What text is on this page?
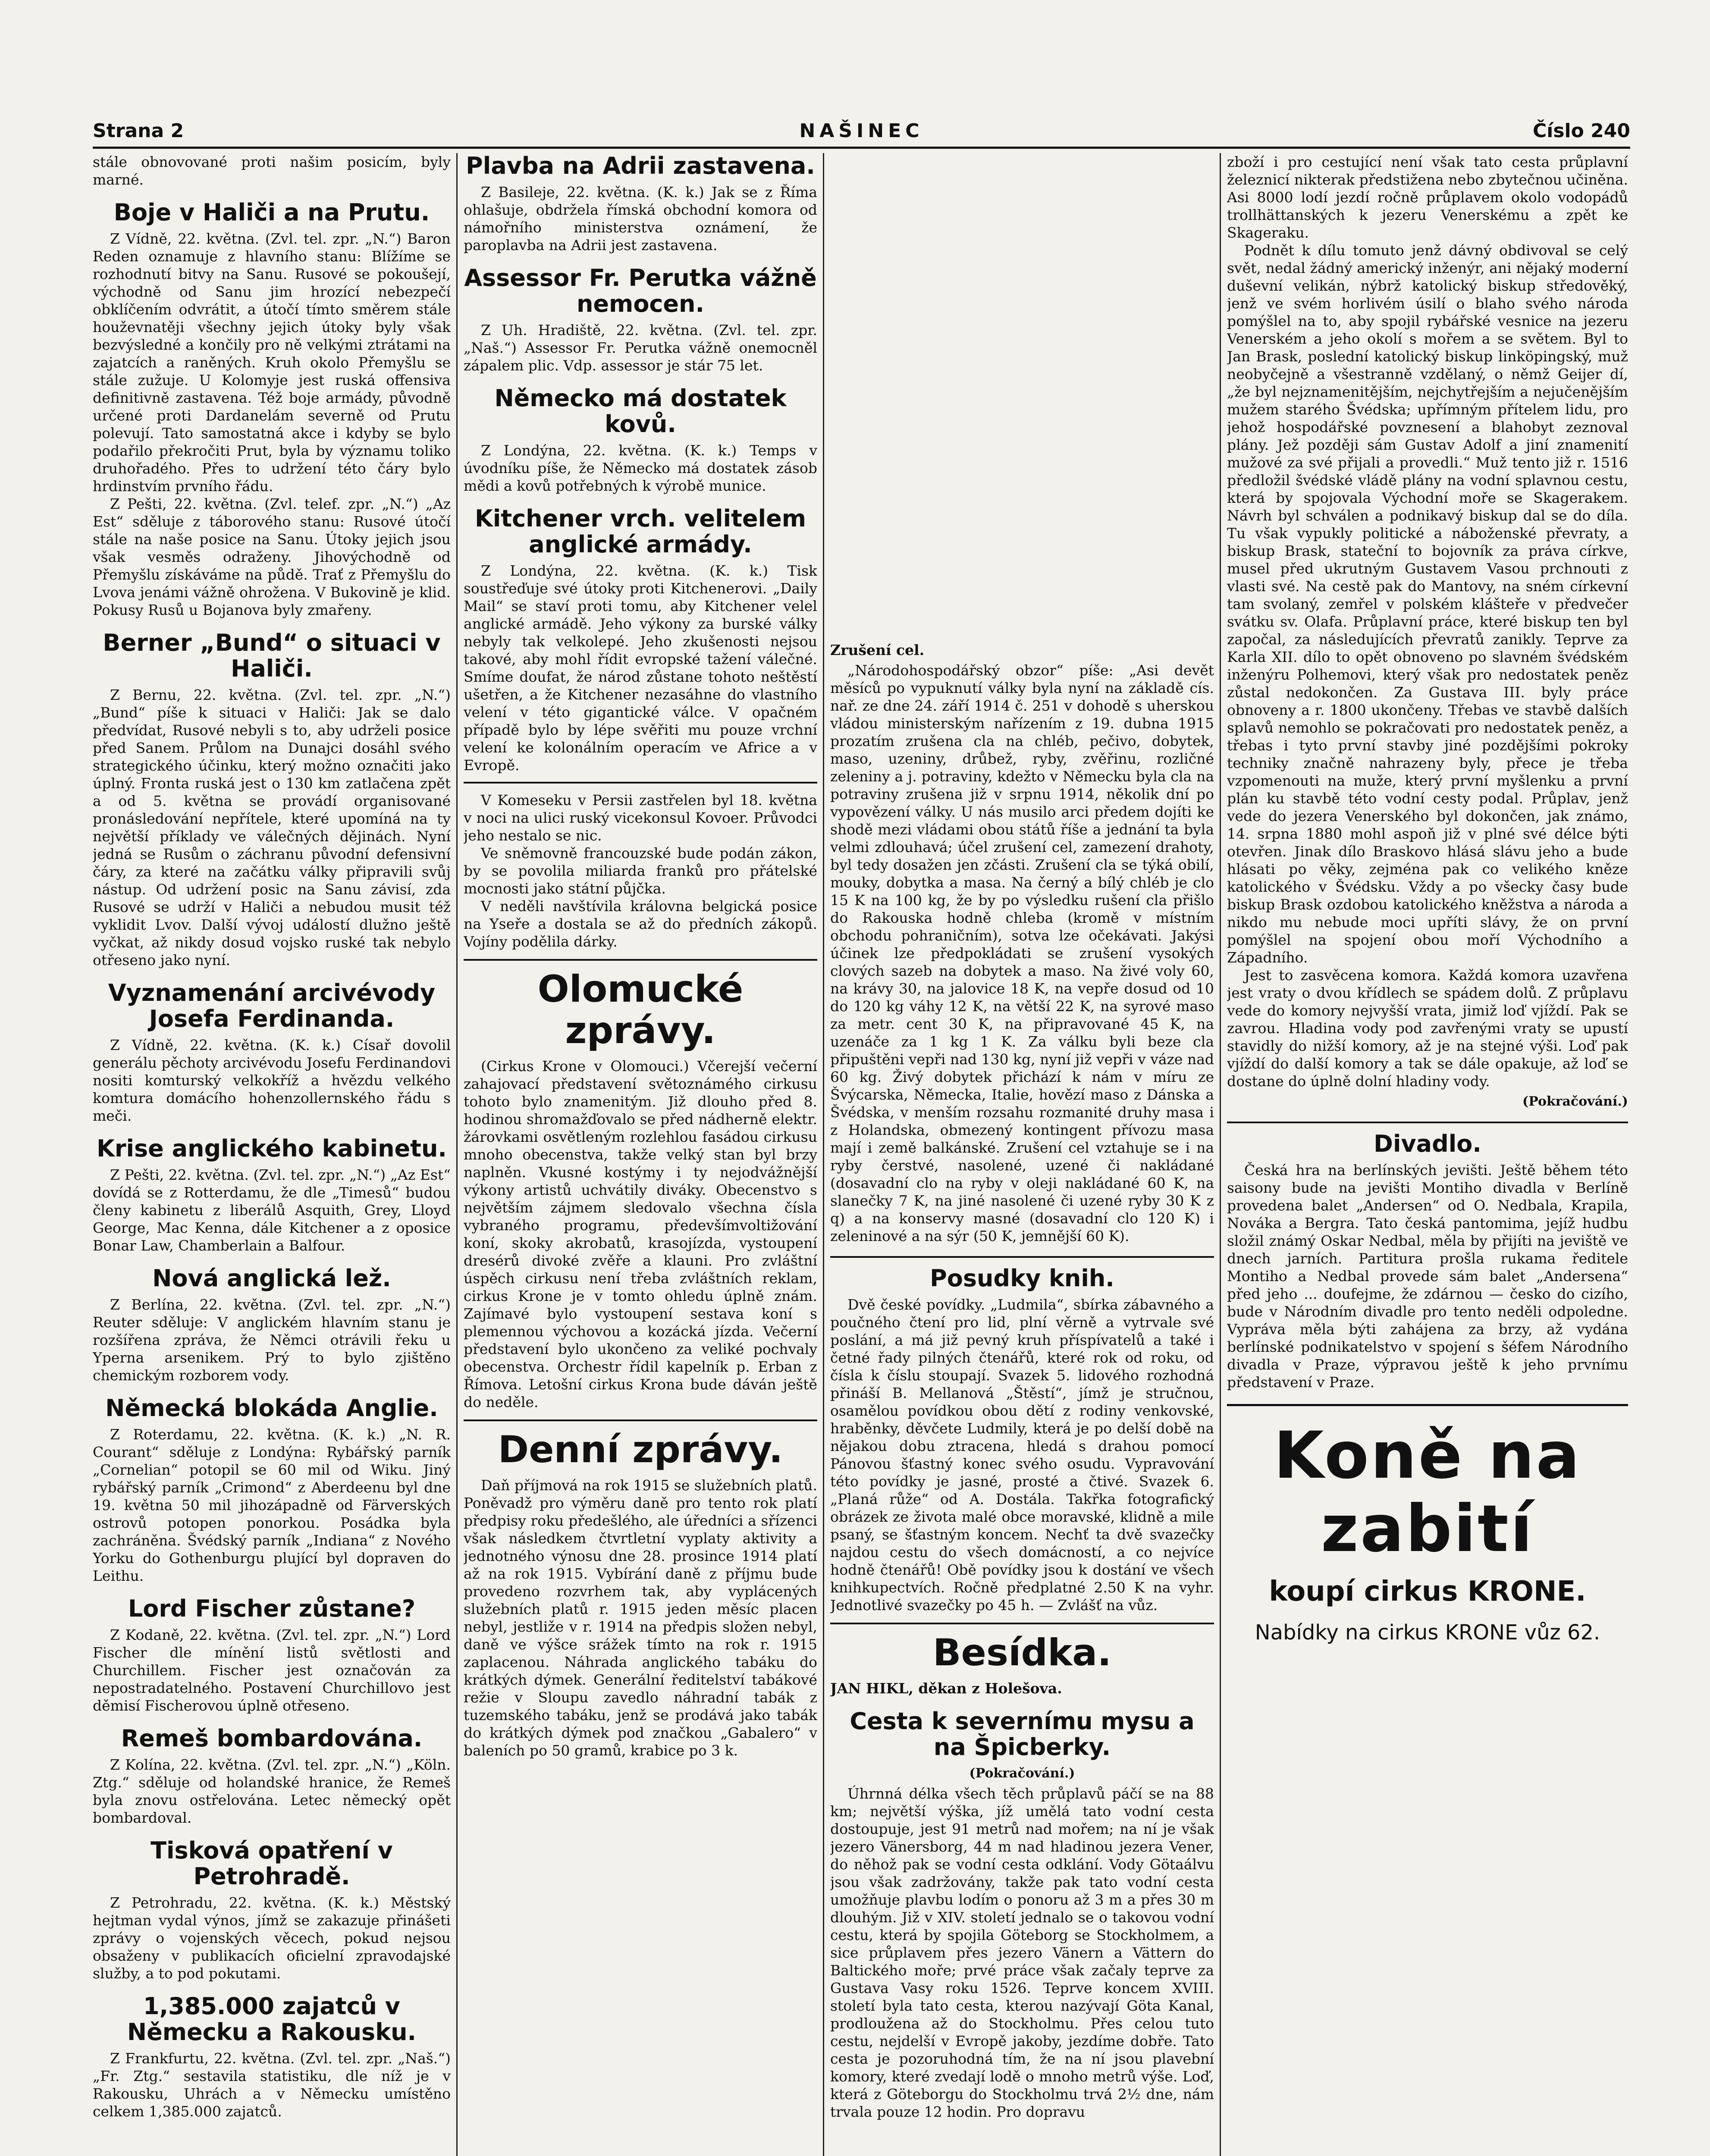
Strana 2	NAŠINEC	Číslo 240

stále obnovované proti našim posicím, byly marné.

Boje v Haliči a na Prutu.

Z Vídně, 22. května. (Zvl. tel. zpr. „N.“) Baron Reden oznamuje z hlavního stanu: Blížíme se rozhodnutí bitvy na Sanu. Rusové se pokoušejí, východně od Sanu jim hrozící nebezpečí obklíčením odvrátit, a útočí tímto směrem stále houževnatěji všechny jejich útoky byly však bezvýsledné a končily pro ně velkými ztrátami na zajatcích a raněných. Kruh okolo Přemyšlu se stále zužuje. U Kolomyje jest ruská offensiva definitivně zastavena. Též boje armády, původně určené proti Dardanelám severně od Prutu polevují. Tato samostatná akce i kdyby se bylo podařilo překročiti Prut, byla by významu toliko druhořadého. Přes to udržení této čáry bylo hrdinstvím prvního řádu.

Z Pešti, 22. května. (Zvl. telef. zpr. „N.“) „Az Est“ sděluje z táborového stanu: Rusové útočí stále na naše posice na Sanu. Útoky jejich jsou však vesměs odraženy. Jihovýchodně od Přemyšlu získáváme na půdě. Trať z Přemyšlu do Lvova jenámi vážně ohrožena. V Bukovině je klid. Pokusy Rusů u Bojanova byly zmařeny.

Berner „Bund“ o situaci v Haliči.

Z Bernu, 22. května. (Zvl. tel. zpr. „N.“) „Bund“ píše k situaci v Haliči: Jak se dalo předvídat, Rusové nebyli s to, aby udrželi posice před Sanem. Průlom na Dunajci dosáhl svého strategického účinku, který možno označiti jako úplný. Fronta ruská jest o 130 km zatlačena zpět a od 5. května se provádí organisované pronásledování nepřítele, které upomíná na ty největší příklady ve válečných dějinách. Nyní jedná se Rusům o záchranu původní defensivní čáry, za které na začátku války připravili svůj nástup. Od udržení posic na Sanu závisí, zda Rusové se udrží v Haliči a nebudou musit též vyklidit Lvov. Další vývoj událostí dlužno ještě vyčkat, až nikdy dosud vojsko ruské tak nebylo otřeseno jako nyní.

Vyznamenání arcivévody Josefa Ferdinanda.

Z Vídně, 22. května. (K. k.) Císař dovolil generálu pěchoty arcivévodu Josefu Ferdinandovi nositi komturský velkokříž a hvězdu velkého komtura domácího hohenzollernského řádu s meči.

Krise anglického kabinetu.

Z Pešti, 22. května. (Zvl. tel. zpr. „N.“) „Az Est“ dovídá se z Rotterdamu, že dle „Timesů“ budou členy kabinetu z liberálů Asquith, Grey, Lloyd George, Mac Kenna, dále Kitchener a z oposice Bonar Law, Chamberlain a Balfour.

Nová anglická lež.

Z Berlína, 22. května. (Zvl. tel. zpr. „N.“) Reuter sděluje: V anglickém hlavním stanu je rozšířena zpráva, že Němci otrávili řeku u Yperna arsenikem. Prý to bylo zjištěno chemickým rozborem vody.

Německá blokáda Anglie.

Z Roterdamu, 22. května. (K. k.) „N. R. Courant“ sděluje z Londýna: Rybářský parník „Cornelian“ potopil se 60 mil od Wiku. Jiný rybářský parník „Crimond“ z Aberdeenu byl dne 19. května 50 mil jihozápadně od Färverských ostrovů potopen ponorkou. Posádka byla zachráněna. Švédský parník „Indiana“ z Nového Yorku do Gothenburgu plující byl dopraven do Leithu.

Lord Fischer zůstane?

Z Kodaně, 22. května. (Zvl. tel. zpr. „N.“) Lord Fischer dle mínění listů světlosti and Churchillem. Fischer jest označován za nepostradatelného. Postavení Churchillovo jest děmisí Fischerovou úplně otřeseno.

Remeš bombardována.

Z Kolína, 22. května. (Zvl. tel. zpr. „N.“) „Köln. Ztg.“ sděluje od holandské hranice, že Remeš byla znovu ostřelována. Letec německý opět bombardoval.

Tisková opatření v Petrohradě.

Z Petrohradu, 22. května. (K. k.) Městský hejtman vydal výnos, jímž se zakazuje přinášeti zprávy o vojenských věcech, pokud nejsou obsaženy v publikacích oficielní zpravodajské služby, a to pod pokutami.

1,385.000 zajatců v Německu a Rakousku.

Z Frankfurtu, 22. května. (Zvl. tel. zpr. „Naš.“) „Fr. Ztg.“ sestavila statistiku, dle níž je v Rakousku, Uhrách a v Německu umístěno celkem 1,385.000 zajatců.

Plavba na Adrii zastavena.

Z Basileje, 22. května. (K. k.) Jak se z Říma ohlašuje, obdržela římská obchodní komora od námořního ministerstva oznámení, že paroplavba na Adrii jest zastavena.

Assessor Fr. Perutka vážně nemocen.

Z Uh. Hradiště, 22. května. (Zvl. tel. zpr. „Naš.“) Assessor Fr. Perutka vážně onemocněl zápalem plic. Vdp. assessor je stár 75 let.

Německo má dostatek kovů.

Z Londýna, 22. května. (K. k.) Temps v úvodníku píše, že Německo má dostatek zásob mědi a kovů potřebných k výrobě munice.

Kitchener vrch. velitelem anglické armády.

Z Londýna, 22. května. (K. k.) Tisk soustřeďuje své útoky proti Kitchenerovi. „Daily Mail“ se staví proti tomu, aby Kitchener velel anglické armádě. Jeho výkony za burské války nebyly tak velkolepé. Jeho zkušenosti nejsou takové, aby mohl řídit evropské tažení válečné. Smíme doufat, že národ zůstane tohoto neštěstí ušetřen, a že Kitchener nezasáhne do vlastního velení v této gigantické válce. V opačném případě bylo by lépe svěřiti mu pouze vrchní velení ke kolonálním operacím ve Africe a v Evropě.

V Komeseku v Persii zastřelen byl 18. května v noci na ulici ruský vicekonsul Kovoer. Průvodci jeho nestalo se nic.

Ve sněmovně francouzské bude podán zákon, by se povolila miliarda franků pro přátelské mocnosti jako státní půjčka.

V neděli navštívila královna belgická posice na Yseře a dostala se až do předních zákopů. Vojíny podělila dárky.

Olomucké zprávy.

(Cirkus Krone v Olomouci.) Včerejší večerní zahajovací představení světoznámého cirkusu tohoto bylo znamenitým. Již dlouho před 8. hodinou shromažďovalo se před nádherně elektr. žárovkami osvětleným rozlehlou fasádou cirkusu mnoho obecenstva, takže velký stan byl brzy naplněn. Vkusné kostýmy i ty nejodvážnější výkony artistů uchvátily diváky. Obecenstvo s největším zájmem sledovalo všechna čísla vybraného programu, předevšímvoltižování koní, skoky akrobatů, krasojízda, vystoupení dresérů divoké zvěře a klauni. Pro zvláštní úspěch cirkusu není třeba zvláštních reklam, cirkus Krone je v tomto ohledu úplně znám. Zajímavé bylo vystoupení sestava koní s plemennou výchovou a kozácká jízda. Večerní představení bylo ukončeno za veliké pochvaly obecenstva. Orchestr řídil kapelník p. Erban z Římova. Letošní cirkus Krona bude dáván ještě do neděle.

Denní zprávy.

Daň příjmová na rok 1915 se služebních platů. Poněvadž pro výměru daně pro tento rok platí předpisy roku předešlého, ale úředníci a sřízenci však následkem čtvrtletní vyplaty aktivity a jednotného výnosu dne 28. prosince 1914 platí až na rok 1915. Vybírání daně z příjmu bude provedeno rozvrhem tak, aby vyplácených služebních platů r. 1915 jeden měsíc placen nebyl, jestliže v r. 1914 na předpis složen nebyl, daně ve výšce srážek tímto na rok r. 1915 zaplacenou. Náhrada anglického tabáku do krátkých dýmek. Generální ředitelství tabákové režie v Sloupu zavedlo náhradní tabák z tuzemského tabáku, jenž se prodává jako tabák do krátkých dýmek pod značkou „Gabalero“ v baleních po 50 gramů, krabice po 3 k.

Zrušení cel.

„Národohospodářský obzor“ píše: „Asi devět měsíců po vypuknutí války byla nyní na základě cís. nař. ze dne 24. září 1914 č. 251 v dohodě s uherskou vládou ministerským nařízením z 19. dubna 1915 prozatím zrušena cla na chléb, pečivo, dobytek, maso, uzeniny, drůbež, ryby, zvěřinu, rozličné zeleniny a j. potraviny, kdežto v Německu byla cla na potraviny zrušena již v srpnu 1914, několik dní po vypovězení války. U nás musilo arci předem dojíti ke shodě mezi vládami obou států říše a jednání ta byla velmi zdlouhavá; účel zrušení cel, zamezení drahoty, byl tedy dosažen jen zčásti. Zrušení cla se týká obilí, mouky, dobytka a masa. Na černý a bílý chléb je clo 15 K na 100 kg, že by po výsledku rušení cla přišlo do Rakouska hodně chleba (kromě v místním obchodu pohraničním), sotva lze očekávati. Jakýsi účinek lze předpokládati se zrušení vysokých clových sazeb na dobytek a maso. Na živé voly 60, na krávy 30, na jalovice 18 K, na vepře dosud od 10 do 120 kg váhy 12 K, na větší 22 K, na syrové maso za metr. cent 30 K, na připravované 45 K, na uzenáče za 1 kg 1 K. Za válku byli beze cla připuštěni vepři nad 130 kg, nyní již vepři v váze nad 60 kg. Živý dobytek přichází k nám v míru ze Švýcarska, Německa, Italie, hovězí maso z Dánska a Švédska, v menším rozsahu rozmanité druhy masa i z Holandska, obmezený kontingent přívozu masa mají i země balkánské. Zrušení cel vztahuje se i na ryby čerstvé, nasolené, uzené či nakládané (dosavadní clo na ryby v oleji nakládané 60 K, na slanečky 7 K, na jiné nasolené či uzené ryby 30 K z q) a na konservy masné (dosavadní clo 120 K) i zeleninové a na sýr (50 K, jemnější 60 K).

Posudky knih.

Dvě české povídky. „Ludmila“, sbírka zábavného a poučného čtení pro lid, plní věrně a vytrvale své poslání, a má již pevný kruh příspívatelů a také i četné řady pilných čtenářů, které rok od roku, od čísla k číslu stoupají. Svazek 5. lidového rozhodná přináší B. Mellanová „Štěstí“, jímž je stručnou, osamělou povídkou obou dětí z rodiny venkovské, hraběnky, děvčete Ludmily, která je po delší době na nějakou dobu ztracena, hledá s drahou pomocí Pánovou šťastný konec svého osudu. Vypravování této povídky je jasné, prosté a čtivé. Svazek 6. „Planá růže“ od A. Dostála. Takřka fotografický obrázek ze života malé obce moravské, klidně a mile psaný, se šťastným koncem. Nechť ta dvě svazečky najdou cestu do všech domácností, a co nejvíce hodně čtenářů! Obě povídky jsou k dostání ve všech knihkupectvích. Ročně předplatné 2.50 K na vyhr. Jednotlivé svazečky po 45 h. — Zvlášť na vůz.

Besídka.

JAN HIKL, děkan z Holešova.

Cesta k severnímu mysu a na Špicberky.
(Pokračování.)

Úhrnná délka všech těch průplavů páčí se na 88 km; největší výška, jíž umělá tato vodní cesta dostoupuje, jest 91 metrů nad mořem; na ní je však jezero Vänersborg, 44 m nad hladinou jezera Vener, do něhož pak se vodní cesta odklání. Vody Götaálvu jsou však zadržovány, takže pak tato vodní cesta umožňuje plavbu lodím o ponoru až 3 m a přes 30 m dlouhým. Již v XIV. století jednalo se o takovou vodní cestu, která by spojila Göteborg se Stockholmem, a sice průplavem přes jezero Vänern a Vättern do Baltického moře; prvé práce však začaly teprve za Gustava Vasy roku 1526. Teprve koncem XVIII. století byla tato cesta, kterou nazývají Göta Kanal, prodloužena až do Stockholmu. Přes celou tuto cestu, nejdelší v Evropě jakoby, jezdíme dobře. Tato cesta je pozoruhodná tím, že na ní jsou plavební komory, které zvedají lodě o mnoho metrů výše. Loď, která z Göteborgu do Stockholmu trvá 2½ dne, nám trvala pouze 12 hodin. Pro dopravu

zboží i pro cestující není však tato cesta průplavní železnicí nikterak předstižena nebo zbytečnou učiněna. Asi 8000 lodí jezdí ročně průplavem okolo vodopádů trollhättanských k jezeru Venerskému a zpět ke Skageraku.

Podnět k dílu tomuto jenž dávný obdivoval se celý svět, nedal žádný americký inženýr, ani nějaký moderní duševní velikán, nýbrž katolický biskup středověký, jenž ve svém horlivém úsilí o blaho svého národa pomýšlel na to, aby spojil rybářské vesnice na jezeru Venerském a jeho okolí s mořem a se světem. Byl to Jan Brask, poslední katolický biskup linköpingský, muž neobyčejně a všestranně vzdělaný, o němž Geijer dí, „že byl nejznamenitějším, nejchytřejším a nejučenějším mužem starého Švédska; upřímným přítelem lidu, pro jehož hospodářské povznesení a blahobyt zeznoval plány. Jež později sám Gustav Adolf a jiní znamenití mužové za své přijali a provedli.“ Muž tento již r. 1516 předložil švédské vládě plány na vodní splavnou cestu, která by spojovala Východní moře se Skagerakem. Návrh byl schválen a podnikavý biskup dal se do díla. Tu však vypukly politické a náboženské převraty, a biskup Brask, stateční to bojovník za práva církve, musel před ukrutným Gustavem Vasou prchnouti z vlasti své. Na cestě pak do Mantovy, na sném církevní tam svolaný, zemřel v polském klášteře v předvečer svátku sv. Olafa. Průplavní práce, které biskup ten byl započal, za následujících převratů zanikly. Teprve za Karla XII. dílo to opět obnoveno po slavném švédském inženýru Polhemovi, který však pro nedostatek peněz zůstal nedokončen. Za Gustava III. byly práce obnoveny a r. 1800 ukončeny. Třebas ve stavbě dalších splavů nemohlo se pokračovati pro nedostatek peněz, a třebas i tyto první stavby jiné pozdějšími pokroky techniky značně nahrazeny byly, přece je třeba vzpomenouti na muže, který první myšlenku a první plán ku stavbě této vodní cesty podal. Průplav, jenž vede do jezera Venerského byl dokončen, jak známo, 14. srpna 1880 mohl aspoň již v plné své délce býti otevřen. Jinak dílo Braskovo hlásá slávu jeho a bude hlásati po věky, zejména pak co velikého kněze katolického v Švédsku. Vždy a po všecky časy bude biskup Brask ozdobou katolického kněžstva a národa a nikdo mu nebude moci upříti slávy, že on první pomýšlel na spojení obou moří Východního a Západního.

Jest to zasvěcena komora. Každá komora uzavřena jest vraty o dvou křídlech se spádem dolů. Z průplavu vede do komory nejvyšší vrata, jimiž loď vjíždí. Pak se zavrou. Hladina vody pod zavřenými vraty se upustí stavidly do nižší komory, až je na stejné výši. Loď pak vjíždí do další komory a tak se dále opakuje, až loď se dostane do úplně dolní hladiny vody.

(Pokračování.)
Divadlo.

Česká hra na berlínských jevišti. Ještě během této saisony bude na jevišti Montiho divadla v Berlíně provedena balet „Andersen“ od O. Nedbala, Krapila, Nováka a Bergra. Tato česká pantomima, jejíž hudbu složil známý Oskar Nedbal, měla by přijíti na jeviště ve dnech jarních. Partitura prošla rukama ředitele Montiho a Nedbal provede sám balet „Andersena“ před jeho ... doufejme, že zdárnou — česko do cizího, bude v Národním divadle pro tento neděli odpoledne. Vypráva měla býti zahájena za brzy, až vydána berlínské podnikatelstvo v spojení s šéfem Národního divadla v Praze, výpravou ještě k jeho prvnímu představení v Praze.

Koně na zabití
koupí cirkus KRONE.
Nabídky na cirkus KRONE vůz 62.
